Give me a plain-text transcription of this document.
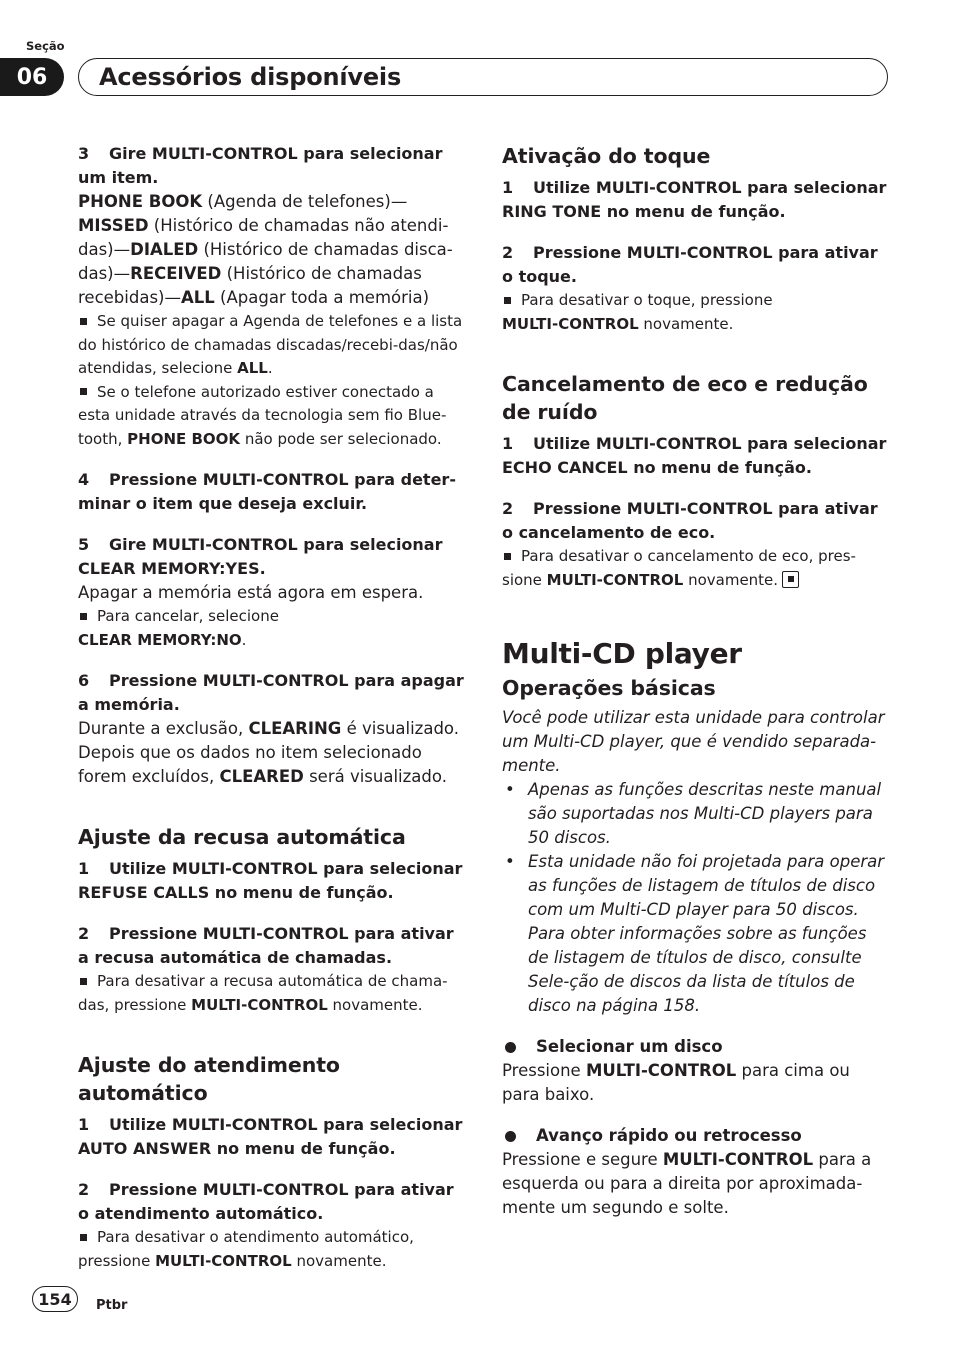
Seção
06	Acessórios disponíveis
3 Gire MULTI-CONTROL para selecionar um item.
PHONE BOOK (Agenda de telefones)—MISSED (Histórico de chamadas não atendi-das)—DIALED (Histórico de chamadas disca-das)—RECEIVED (Histórico de chamadas recebidas)—ALL (Apagar toda a memória)
Se quiser apagar a Agenda de telefones e a lista do histórico de chamadas discadas/recebi-das/não atendidas, selecione ALL.
Se o telefone autorizado estiver conectado a esta unidade através da tecnologia sem fio Blue-tooth, PHONE BOOK não pode ser selecionado.
4 Pressione MULTI-CONTROL para deter-minar o item que deseja excluir.
5 Gire MULTI-CONTROL para selecionar CLEAR MEMORY:YES.
Apagar a memória está agora em espera.
Para cancelar, selecione
CLEAR MEMORY:NO.
6 Pressione MULTI-CONTROL para apagar a memória.
Durante a exclusão, CLEARING é visualizado. Depois que os dados no item selecionado forem excluídos, CLEARED será visualizado.
Ajuste da recusa automática
1 Utilize MULTI-CONTROL para selecionar REFUSE CALLS no menu de função.
2 Pressione MULTI-CONTROL para ativar a recusa automática de chamadas.
Para desativar a recusa automática de chama-das, pressione MULTI-CONTROL novamente.
Ajuste do atendimento automático
1 Utilize MULTI-CONTROL para selecionar AUTO ANSWER no menu de função.
2 Pressione MULTI-CONTROL para ativar o atendimento automático.
Para desativar o atendimento automático, pressione MULTI-CONTROL novamente.
Ativação do toque
1 Utilize MULTI-CONTROL para selecionar RING TONE no menu de função.
2 Pressione MULTI-CONTROL para ativar o toque.
Para desativar o toque, pressione
MULTI-CONTROL novamente.
Cancelamento de eco e redução de ruído
1 Utilize MULTI-CONTROL para selecionar ECHO CANCEL no menu de função.
2 Pressione MULTI-CONTROL para ativar o cancelamento de eco.
Para desativar o cancelamento de eco, pres-sione MULTI-CONTROL novamente.
Multi-CD player
Operações básicas
Você pode utilizar esta unidade para controlar um Multi-CD player, que é vendido separada-mente.
• Apenas as funções descritas neste manual são suportadas nos Multi-CD players para 50 discos.
• Esta unidade não foi projetada para operar as funções de listagem de títulos de disco com um Multi-CD player para 50 discos. Para obter informações sobre as funções de listagem de títulos de disco, consulte Sele-ção de discos da lista de títulos de disco na página 158.
Selecionar um disco
Pressione MULTI-CONTROL para cima ou para baixo.
Avanço rápido ou retrocesso
Pressione e segure MULTI-CONTROL para a esquerda ou para a direita por aproximada-mente um segundo e solte.
154	Ptbr
